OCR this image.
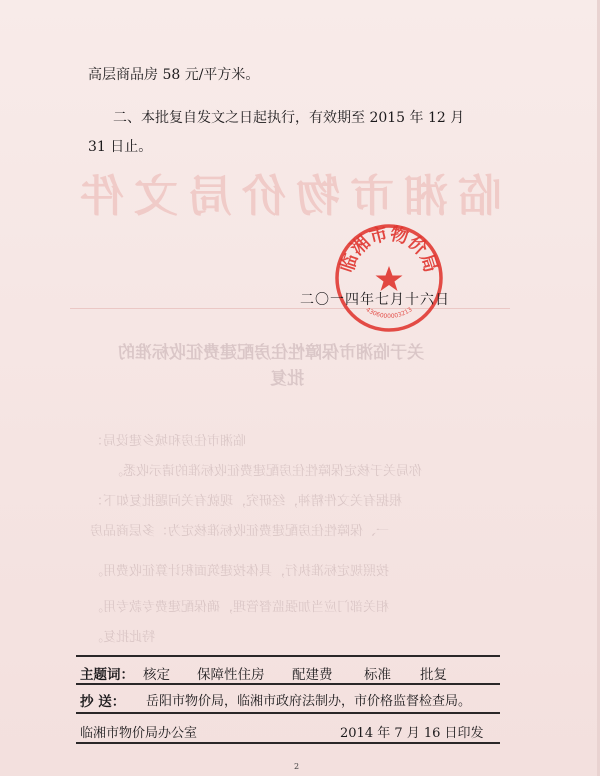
临湘市物价局文件
关于临湘市保障性住房配建费征收标准的
批复
临湘市住房和城乡建设局：
你局关于核定保障性住房配建费征收标准的请示收悉。
根据有关文件精神，经研究，现就有关问题批复如下：
一、保障性住房配建费征收标准核定为：多层商品房
按照规定标准执行，具体按建筑面积计算征收费用。
相关部门应当加强监督管理，确保配建费专款专用。
特此批复。
高层商品房 58 元/平方米。
二、本批复自发文之日起执行，有效期至 2015 年 12 月
31 日止。
临湘市物价局
4306000003213
二〇一四年七月十六日
主题词： 核定 保障性住房 配建费 标准 批复
抄 送： 岳阳市物价局，临湘市政府法制办，市价格监督检查局。
临湘市物价局办公室	2014 年 7 月 16 日印发
2
